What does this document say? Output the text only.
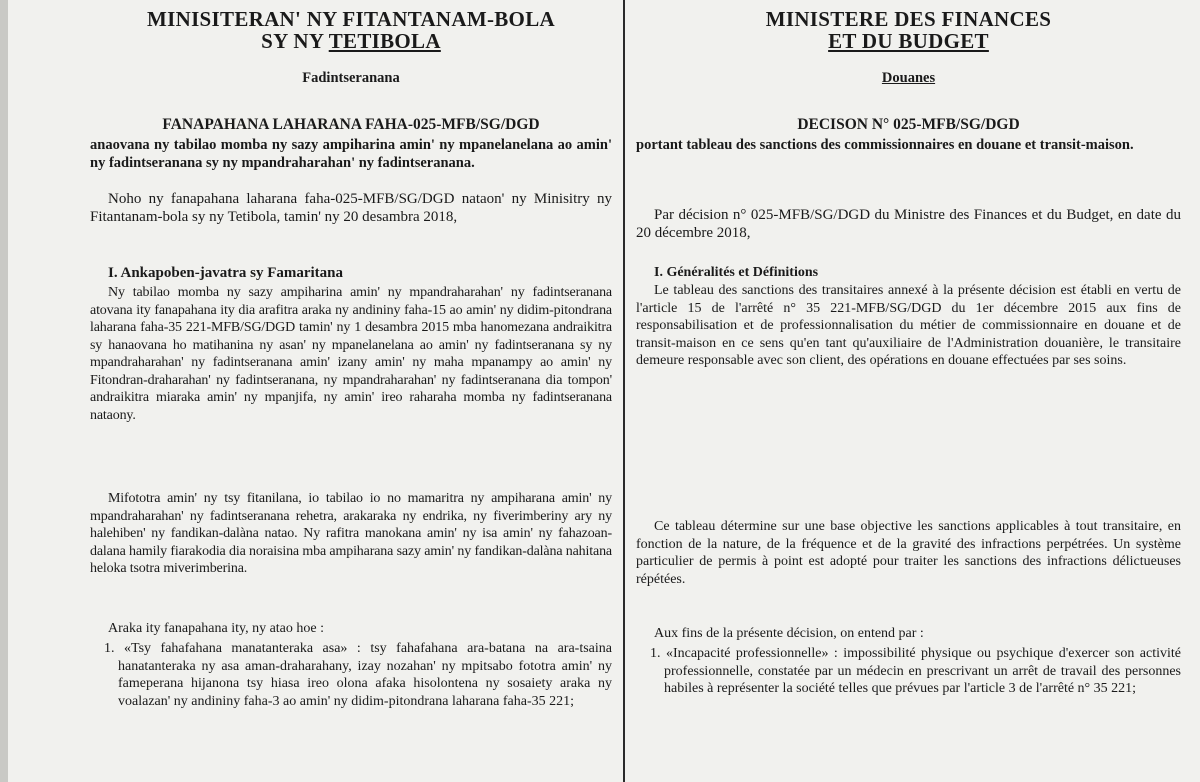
MINISITERAN' NY FITANTANAM-BOLA
SY NY TETIBOLA
Fadintseranana
FANAPAHANA LAHARANA FAHA-025-MFB/SG/DGD

anaovana ny tabilao momba ny sazy ampiharina amin' ny mpanelanelana ao amin' ny fadintseranana sy ny mpandraharahan' ny fadintseranana.

Noho ny fanapahana laharana faha-025-MFB/SG/DGD nataon' ny Minisitry ny Fitantanam-bola sy ny Tetibola, tamin' ny 20 desambra 2018,

I. Ankapoben-javatra sy Famaritana

Ny tabilao momba ny sazy ampiharina amin' ny mpandraharahan' ny fadintseranana atovana ity fanapahana ity dia arafitra araka ny andininy faha-15 ao amin' ny didim-pitondrana laharana faha-35 221-MFB/SG/DGD tamin' ny 1 desambra 2015 mba hanomezana andraikitra sy hanaovana ho matihanina ny asan' ny mpanelanelana ao amin' ny fadintseranana sy ny mpandraharahan' ny fadintseranana amin' izany amin' ny maha mpanampy ao amin' ny Fitondran-draharahan' ny fadintseranana, ny mpandraharahan' ny fadintseranana dia tompon' andraikitra miaraka amin' ny mpanjifa, ny amin' ireo raharaha momba ny fadintseranana nataony.

Mifototra amin' ny tsy fitanilana, io tabilao io no mamaritra ny ampiharana amin' ny mpandraharahan' ny fadintseranana rehetra, arakaraka ny endrika, ny fiverimberiny ary ny halehiben' ny fandikan-dalàna natao. Ny rafitra manokana amin' ny isa amin' ny fahazoan-dalana hamily fiarakodia dia noraisina mba ampiharana sazy amin' ny fandikan-dalàna nahitana heloka tsotra miverimberina.

Araka ity fanapahana ity, ny atao hoe :

1. «Tsy fahafahana manatanteraka asa» : tsy fahafahana ara-batana na ara-tsaina hanatanteraka ny asa aman-draharahany, izay nozahan' ny mpitsabo fototra amin' ny fameperana hijanona tsy hiasa ireo olona afaka hisolontena ny sosaiety araka ny voalazan' ny andininy faha-3 ao amin' ny didim-pitondrana laharana faha-35 221;

MINISTERE DES FINANCES
ET DU BUDGET
Douanes
DECISON N° 025-MFB/SG/DGD

portant tableau des sanctions des commissionnaires en douane et transit-maison.

Par décision n° 025-MFB/SG/DGD du Ministre des Finances et du Budget, en date du 20 décembre 2018,

I. Généralités et Définitions

Le tableau des sanctions des transitaires annexé à la présente décision est établi en vertu de l'article 15 de l'arrêté n° 35 221-MFB/SG/DGD du 1er décembre 2015 aux fins de responsabilisation et de professionnalisation du métier de commissionnaire en douane et de transit-maison en ce sens qu'en tant qu'auxiliaire de l'Administration douanière, le transitaire demeure responsable avec son client, des opérations en douane effectuées par ses soins.

Ce tableau détermine sur une base objective les sanctions applicables à tout transitaire, en fonction de la nature, de la fréquence et de la gravité des infractions perpétrées. Un système particulier de permis à point est adopté pour traiter les sanctions des infractions délictueuses répétées.

Aux fins de la présente décision, on entend par :

1. «Incapacité professionnelle» : impossibilité physique ou psychique d'exercer son activité professionnelle, constatée par un médecin en prescrivant un arrêt de travail des personnes habiles à représenter la société telles que prévues par l'article 3 de l'arrêté n° 35 221;
